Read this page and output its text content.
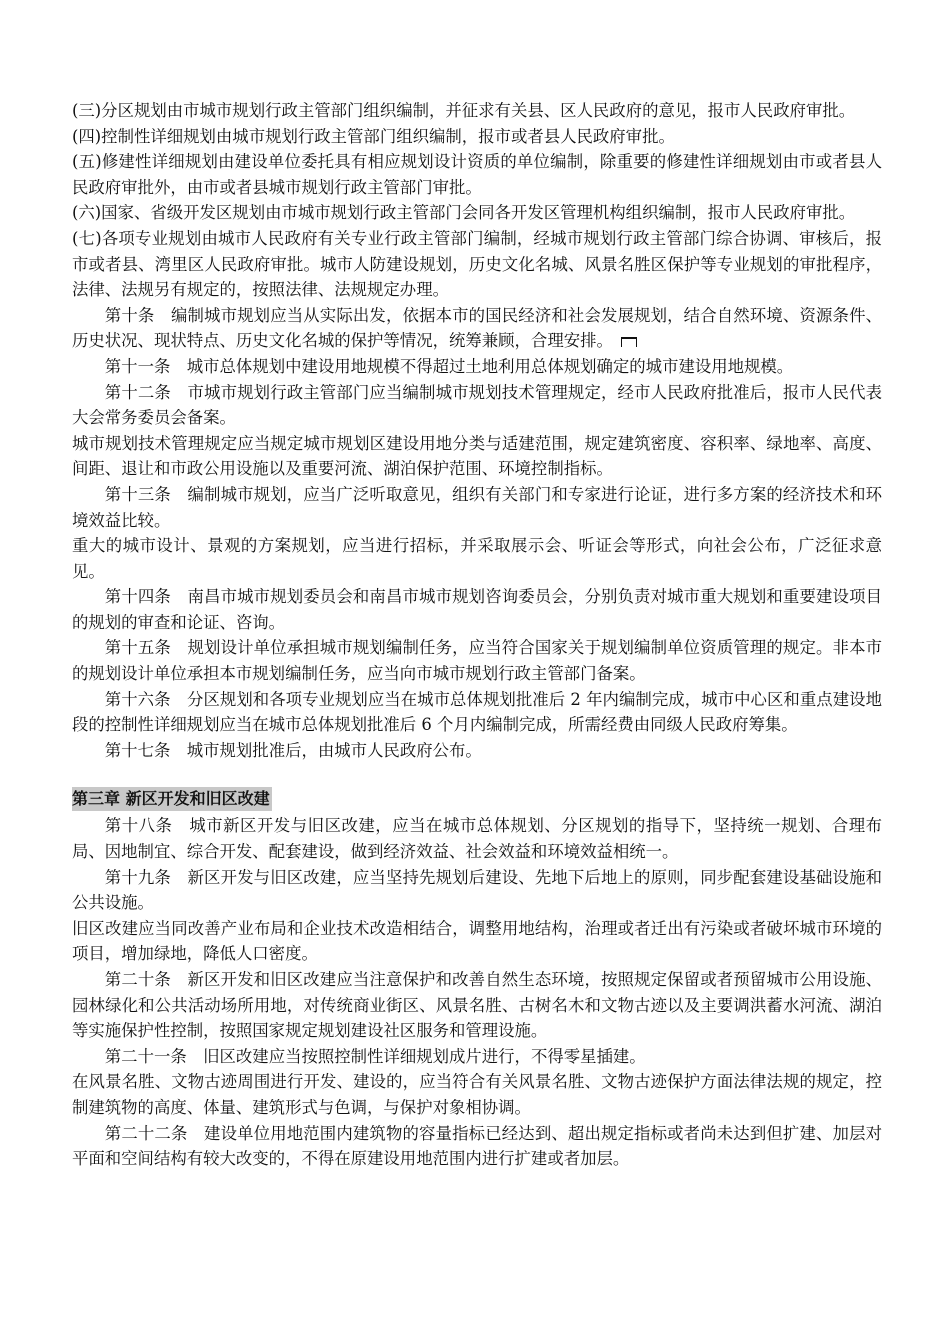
(三)分区规划由市城市规划行政主管部门组织编制，并征求有关县、区人民政府的意见，报市人民政府审批。

(四)控制性详细规划由城市规划行政主管部门组织编制，报市或者县人民政府审批。

(五)修建性详细规划由建设单位委托具有相应规划设计资质的单位编制，除重要的修建性详细规划由市或者县人民政府审批外，由市或者县城市规划行政主管部门审批。

(六)国家、省级开发区规划由市城市规划行政主管部门会同各开发区管理机构组织编制，报市人民政府审批。

(七)各项专业规划由城市人民政府有关专业行政主管部门编制，经城市规划行政主管部门综合协调、审核后，报市或者县、湾里区人民政府审批。城市人防建设规划，历史文化名城、风景名胜区保护等专业规划的审批程序，法律、法规另有规定的，按照法律、法规规定办理。

第十条　编制城市规划应当从实际出发，依据本市的国民经济和社会发展规划，结合自然环境、资源条件、历史状况、现状特点、历史文化名城的保护等情况，统筹兼顾，合理安排。

第十一条　城市总体规划中建设用地规模不得超过土地利用总体规划确定的城市建设用地规模。

第十二条　市城市规划行政主管部门应当编制城市规划技术管理规定，经市人民政府批准后，报市人民代表大会常务委员会备案。

城市规划技术管理规定应当规定城市规划区建设用地分类与适建范围，规定建筑密度、容积率、绿地率、高度、间距、退让和市政公用设施以及重要河流、湖泊保护范围、环境控制指标。

第十三条　编制城市规划，应当广泛听取意见，组织有关部门和专家进行论证，进行多方案的经济技术和环境效益比较。

重大的城市设计、景观的方案规划，应当进行招标，并采取展示会、听证会等形式，向社会公布，广泛征求意见。

第十四条　南昌市城市规划委员会和南昌市城市规划咨询委员会，分别负责对城市重大规划和重要建设项目的规划的审查和论证、咨询。

第十五条　规划设计单位承担城市规划编制任务，应当符合国家关于规划编制单位资质管理的规定。非本市的规划设计单位承担本市规划编制任务，应当向市城市规划行政主管部门备案。

第十六条　分区规划和各项专业规划应当在城市总体规划批准后 2 年内编制完成，城市中心区和重点建设地段的控制性详细规划应当在城市总体规划批准后 6 个月内编制完成，所需经费由同级人民政府筹集。

第十七条　城市规划批准后，由城市人民政府公布。

第三章 新区开发和旧区改建

第十八条　城市新区开发与旧区改建，应当在城市总体规划、分区规划的指导下，坚持统一规划、合理布局、因地制宜、综合开发、配套建设，做到经济效益、社会效益和环境效益相统一。

第十九条　新区开发与旧区改建，应当坚持先规划后建设、先地下后地上的原则，同步配套建设基础设施和公共设施。

旧区改建应当同改善产业布局和企业技术改造相结合，调整用地结构，治理或者迁出有污染或者破坏城市环境的项目，增加绿地，降低人口密度。

第二十条　新区开发和旧区改建应当注意保护和改善自然生态环境，按照规定保留或者预留城市公用设施、园林绿化和公共活动场所用地，对传统商业街区、风景名胜、古树名木和文物古迹以及主要调洪蓄水河流、湖泊等实施保护性控制，按照国家规定规划建设社区服务和管理设施。

第二十一条　旧区改建应当按照控制性详细规划成片进行，不得零星插建。

在风景名胜、文物古迹周围进行开发、建设的，应当符合有关风景名胜、文物古迹保护方面法律法规的规定，控制建筑物的高度、体量、建筑形式与色调，与保护对象相协调。

第二十二条　建设单位用地范围内建筑物的容量指标已经达到、超出规定指标或者尚未达到但扩建、加层对平面和空间结构有较大改变的，不得在原建设用地范围内进行扩建或者加层。
